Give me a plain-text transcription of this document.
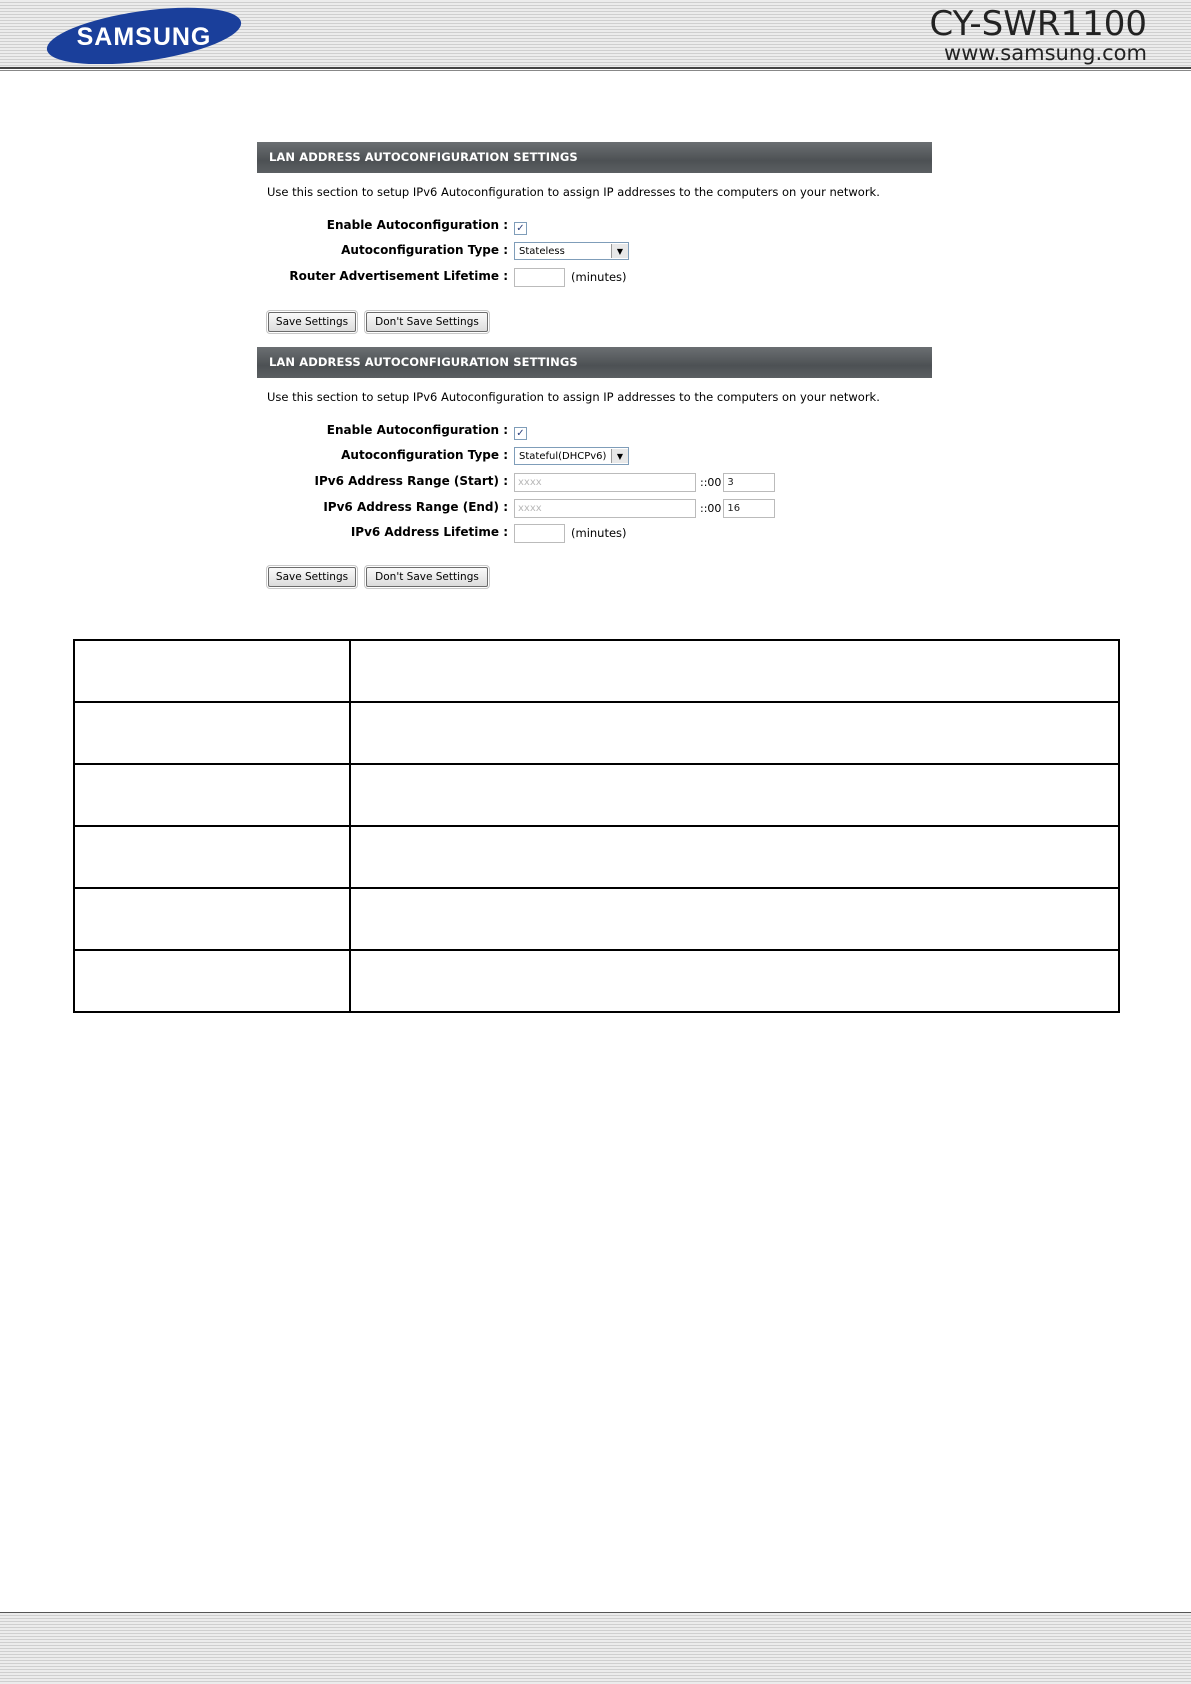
SAMSUNG	CY-SWR1100
www.samsung.com
LAN ADDRESS AUTOCONFIGURATION SETTINGS
Use this section to setup IPv6 Autoconfiguration to assign IP addresses to the computers on your network.
Enable Autoconfiguration : ✓
Autoconfiguration Type :	Stateless	▼
Router Advertisement Lifetime :	(minutes)
Save Settings	Don't Save Settings
LAN ADDRESS AUTOCONFIGURATION SETTINGS
Use this section to setup IPv6 Autoconfiguration to assign IP addresses to the computers on your network.
Enable Autoconfiguration : ✓
Autoconfiguration Type :	Stateful(DHCPv6)	▼
IPv6 Address Range (Start) :	xxxx	::00 3
IPv6 Address Range (End) :	xxxx	::00 16
IPv6 Address Lifetime :	(minutes)
Save Settings	Don't Save Settings
